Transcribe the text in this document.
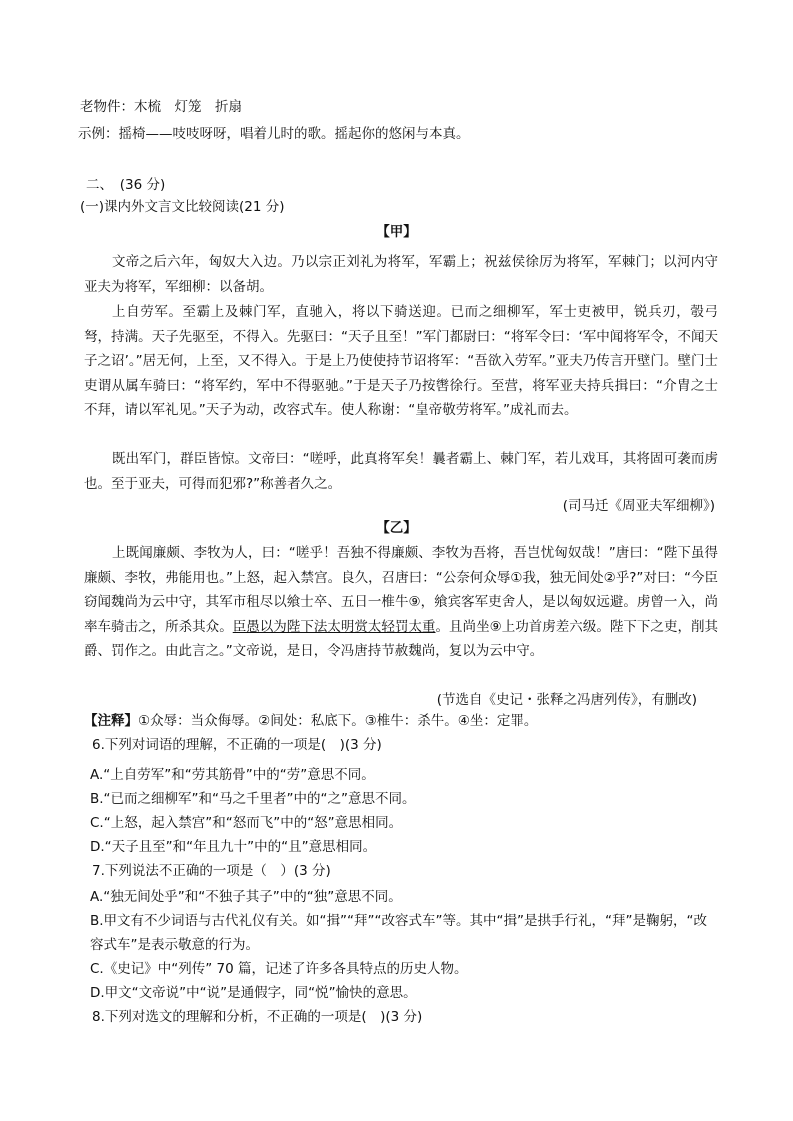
老物件：木梳　灯笼　折扇
示例：摇椅——吱吱呀呀，唱着儿时的歌。摇起你的悠闲与本真。
二、　(36 分)
(一)课内外文言文比较阅读(21 分)
【甲】
文帝之后六年，匈奴大入边。乃以宗正刘礼为将军，军霸上；祝兹侯徐厉为将军，军棘门；以河内守亚夫为将军，军细柳：以备胡。
上自劳军。至霸上及棘门军，直驰入，将以下骑送迎。已而之细柳军，军士吏被甲，锐兵刃，彀弓弩，持满。天子先驱至，不得入。先驱曰：“天子且至！”军门都尉曰：“将军令曰：‘军中闻将军令，不闻天子之诏’。”居无何，上至，又不得入。于是上乃使使持节诏将军：“吾欲入劳军。”亚夫乃传言开壁门。壁门士吏谓从属车骑曰：“将军约，军中不得驱驰。”于是天子乃按辔徐行。至营，将军亚夫持兵揖曰：“介胄之士不拜，请以军礼见。”天子为动，改容式车。使人称谢：“皇帝敬劳将军。”成礼而去。
既出军门，群臣皆惊。文帝曰：“嗟呼，此真将军矣！曩者霸上、棘门军，若儿戏耳，其将固可袭而虏也。至于亚夫，可得而犯邪?”称善者久之。
(司马迁《周亚夫军细柳》)
【乙】
上既闻廉颇、李牧为人，曰：“嗟乎！吾独不得廉颇、李牧为吾将，吾岂忧匈奴哉！”唐曰：“陛下虽得廉颇、李牧，弗能用也。”上怒，起入禁宫。良久，召唐曰：“公奈何众辱①我，独无间处②乎?”对曰：“今臣窃闻魏尚为云中守，其军市租尽以飨士卒、五日一椎牛⑨，飨宾客军吏舍人，是以匈奴远避。虏曾一入，尚率车骑击之，所杀其众。臣愚以为陛下法太明赏太轻罚太重。且尚坐⑨上功首虏差六级。陛下下之吏，削其爵、罚作之。由此言之。”文帝说，是日，令冯唐持节赦魏尚，复以为云中守。
(节选自《史记・张释之冯唐列传》，有删改)
【注释】①众辱：当众侮辱。②间处：私底下。③椎牛：杀牛。④坐：定罪。
6.下列对词语的理解，不正确的一项是(　)(3 分)
A.“上自劳军”和“劳其筋骨”中的“劳”意思不同。
B.“已而之细柳军”和“马之千里者”中的“之”意思不同。
C.“上怒，起入禁宫”和“怒而飞”中的“怒”意思相同。
D.“天子且至”和“年且九十”中的“且”意思相同。
7.下列说法不正确的一项是（　）(3 分)
A.“独无间处乎”和“不独子其子”中的“独”意思不同。
B.甲文有不少词语与古代礼仪有关。如“揖”“拜”“改容式车”等。其中“揖”是拱手行礼，“拜”是鞠躬，“改容式车”是表示敬意的行为。
C.《史记》中“列传” 70 篇，记述了许多各具特点的历史人物。
D.甲文“文帝说”中“说”是通假字，同“悦”愉快的意思。
8.下列对选文的理解和分析，不正确的一项是(　)(3 分)
